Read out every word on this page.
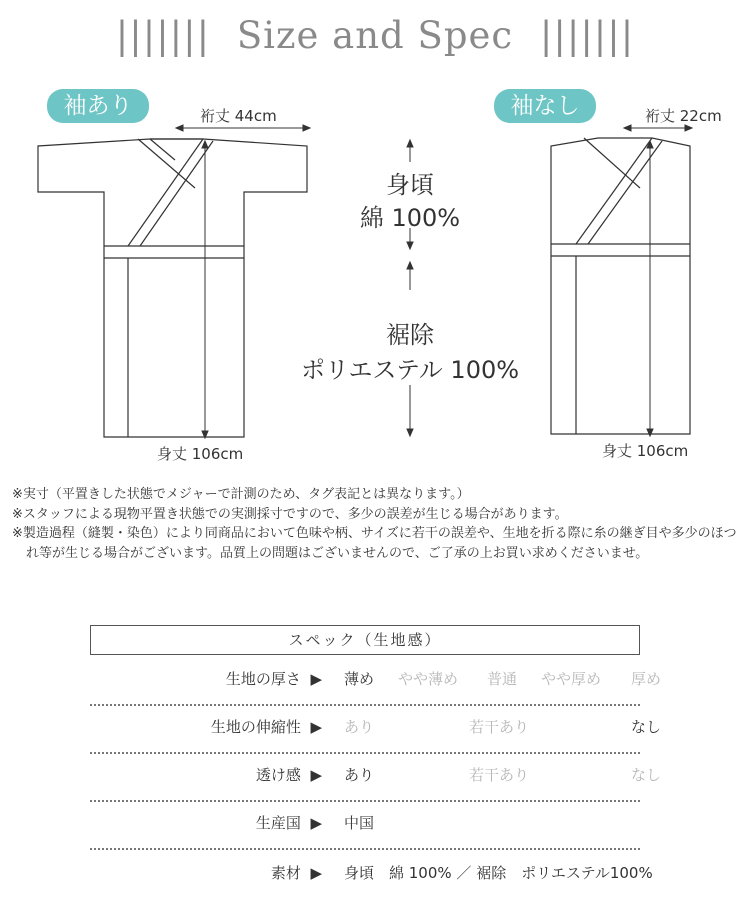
||||||| Size and Spec |||||||
袖あり	袖なし
裄丈 44cm	裄丈 22cm
身丈 106cm	身丈 106cm
身頃
綿 100%
裾除
ポリエステル 100%

※実寸（平置きした状態でメジャーで計測のため、タグ表記とは異なります。）

※スタッフによる現物平置き状態での実測採寸ですので、多少の誤差が生じる場合があります。

※製造過程（縫製・染色）により同商品において色味や柄、サイズに若干の誤差や、生地を折る際に糸の継ぎ目や多少のほつれ等が生じる場合がございます。品質上の問題はございませんので、ご了承の上お買い求めくださいませ。

スペック（生地感）
生地の厚さ ▶ 薄め やや薄め 普通 やや厚め 厚め
生地の伸縮性 ▶ あり	若干あり	なし
透け感 ▶ あり	若干あり	なし
生産国 ▶ 中国
素材 ▶ 身頃　綿 100% ／ 裾除　ポリエステル100%
